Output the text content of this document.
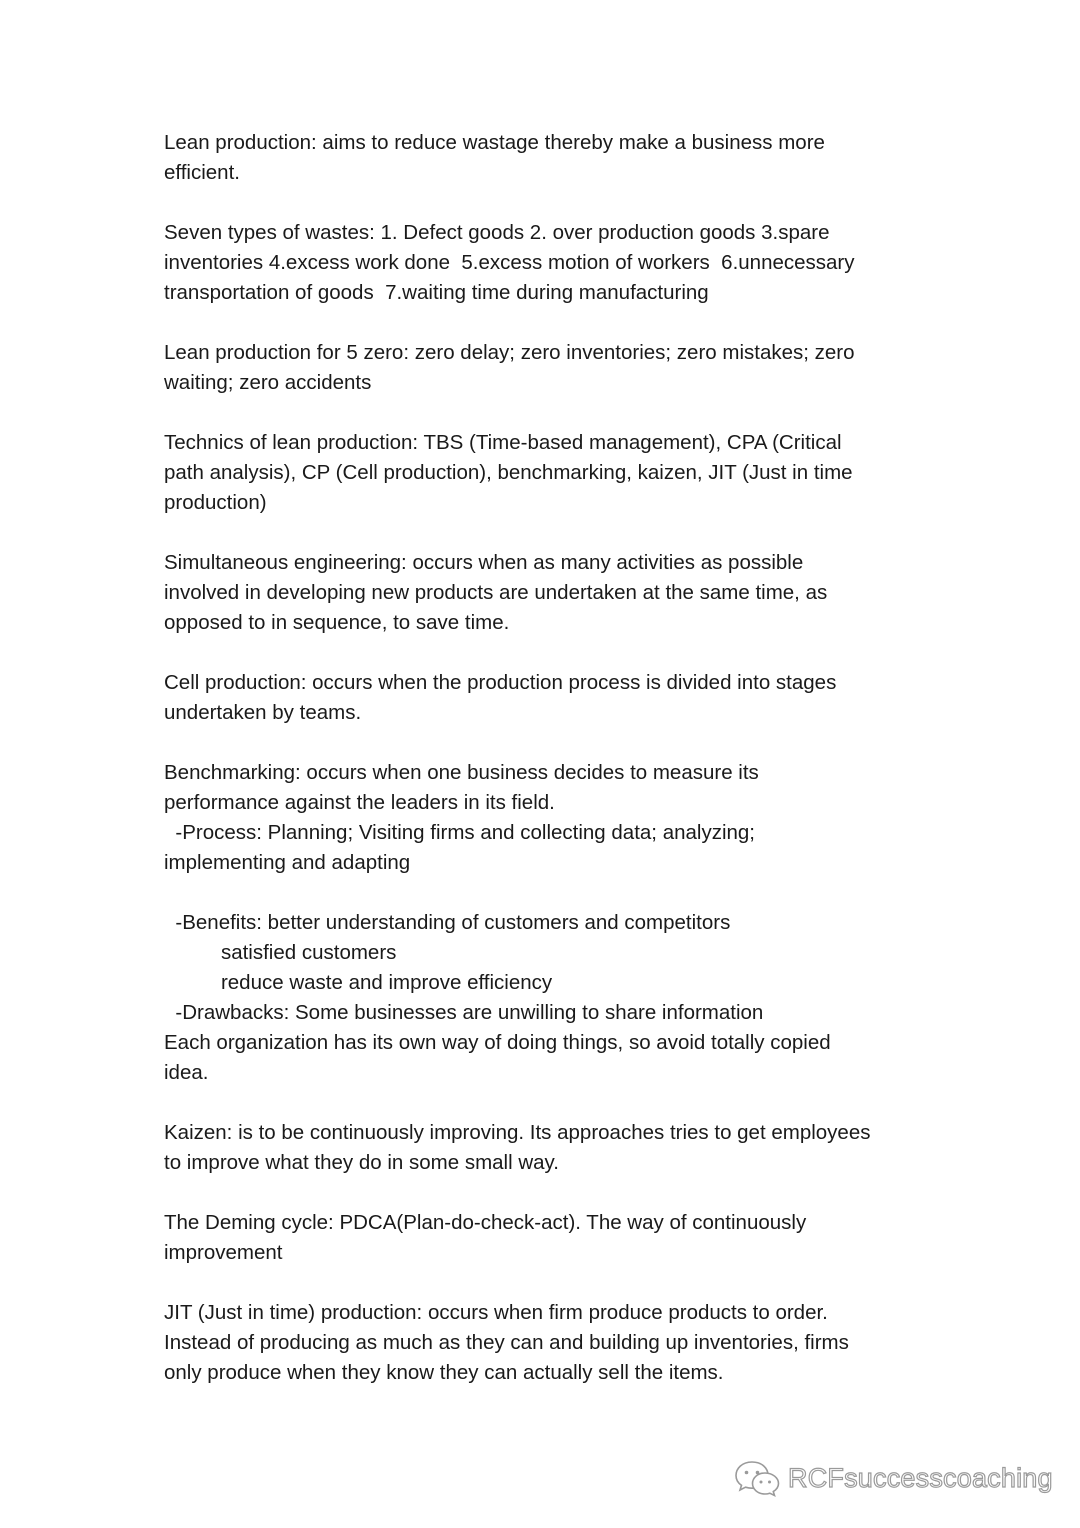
Lean production: aims to reduce wastage thereby make a business more
efficient.
Seven types of wastes: 1. Defect goods 2. over production goods 3.spare
inventories 4.excess work done  5.excess motion of workers  6.unnecessary
transportation of goods  7.waiting time during manufacturing
Lean production for 5 zero: zero delay; zero inventories; zero mistakes; zero
waiting; zero accidents
Technics of lean production: TBS (Time-based management), CPA (Critical
path analysis), CP (Cell production), benchmarking, kaizen, JIT (Just in time
production)
Simultaneous engineering: occurs when as many activities as possible
involved in developing new products are undertaken at the same time, as
opposed to in sequence, to save time.
Cell production: occurs when the production process is divided into stages
undertaken by teams.
Benchmarking: occurs when one business decides to measure its
performance against the leaders in its field.
-Process: Planning; Visiting firms and collecting data; analyzing;
implementing and adapting
-Benefits: better understanding of customers and competitors
satisfied customers
reduce waste and improve efficiency
-Drawbacks: Some businesses are unwilling to share information
Each organization has its own way of doing things, so avoid totally copied
idea.
Kaizen: is to be continuously improving. Its approaches tries to get employees
to improve what they do in some small way.
The Deming cycle: PDCA(Plan-do-check-act). The way of continuously
improvement
JIT (Just in time) production: occurs when firm produce products to order.
Instead of producing as much as they can and building up inventories, firms
only produce when they know they can actually sell the items.
RCFsuccesscoaching
